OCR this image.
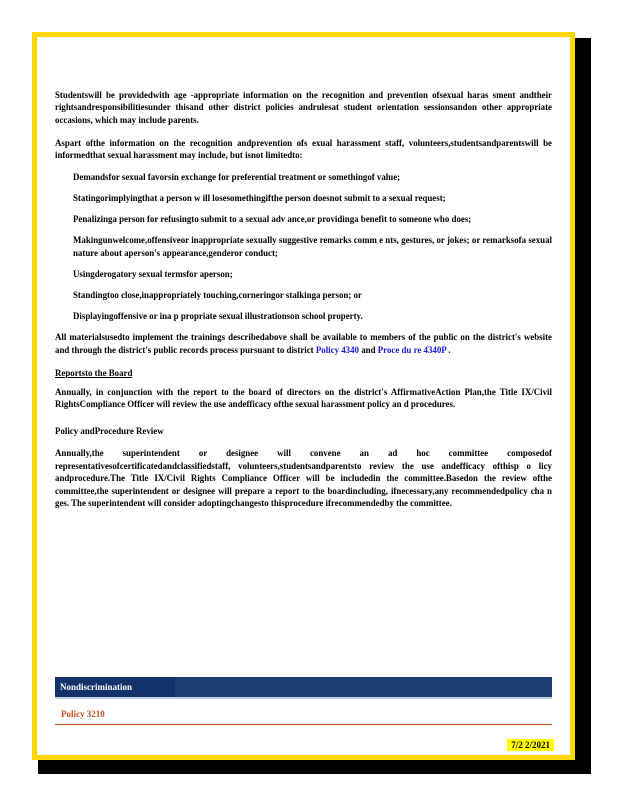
Studentswill be providedwith age -appropriate information on the recognition and prevention ofsexual haras sment andtheir rightsandresponsibilitiesunder thisand other district policies andrulesat student orientation sessionsandon other appropriate occasions, which may include parents.

Aspart ofthe information on the recognition andprevention ofs exual harassment staff, volunteers,studentsandparentswill be informedthat sexual harassment may include, but isnot limitedto:

Demandsfor sexual favorsin exchange for preferential treatment or somethingof value;
Statingorimplyingthat a person w ill losesomethingifthe person doesnot submit to a sexual request;
Penalizinga person for refusingto submit to a sexual adv ance,or providinga benefit to someone who does;
Makingunwelcome,offensiveor inappropriate sexually suggestive remarks comm e nts, gestures, or jokes; or remarksofa sexual nature about aperson's appearance,genderor conduct;
Usingderogatory sexual termsfor aperson;
Standingtoo close,inappropriately touching,corneringor stalkinga person; or
Displayingoffensive or ina p propriate sexual illustrationson school property.

All materialsusedto implement the trainings describedabove shall be available to members of the public on the district's website and through the district's public records process pursuant to district Policy 4340 and Proce du re 4340P .

Reportsto the Board

Annually, in conjunction with the report to the board of directors on the district's AffirmativeAction Plan,the Title IX/Civil RightsCompliance Officer will review the use andefficacy ofthe sexual harassment policy an d procedures.

Policy andProcedure Review

Annually,the superintendent or designee will convene an ad hoc committee composedof representativesofcertificatedandclassifiedstaff, volunteers,studentsandparentsto review the use andefficacy ofthisp o licy andprocedure.The Title IX/Civil Rights Compliance Officer will be includedin the committee.Basedon the review ofthe committee,the superintendent or designee will prepare a report to the boardincluding, ifnecessary,any recommendedpolicy cha n ges. The superintendent will consider adoptingchangesto thisprocedure ifrecommendedby the committee.

Nondiscrimination
Policy 3210
7/2 2/2021
